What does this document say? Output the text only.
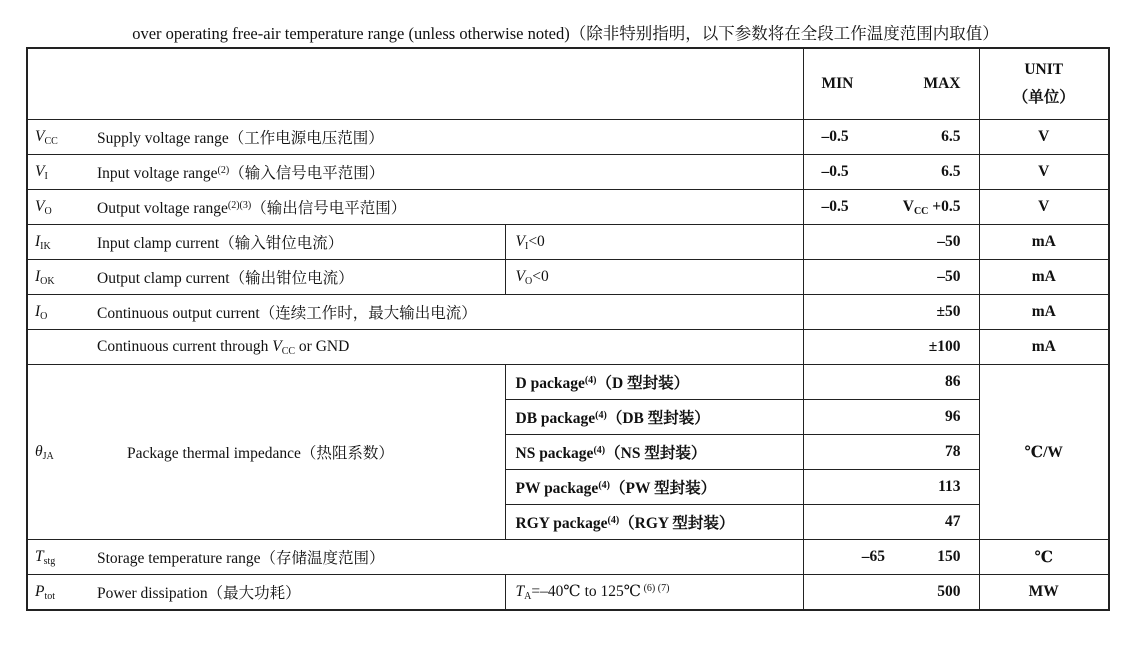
over operating free-air temperature range (unless otherwise noted)（除非特别指明，以下参数将在全段工作温度范围内取值）
			MIN	MAX	UNIT
（单位）

$V_{CC}$	Supply voltage range（工作电源电压范围）		–0.5	6.5	V
$V_I$	Input voltage range$^{(2)}$（输入信号电平范围）		–0.5	6.5	V
$V_O$	Output voltage range$^{(2)(3)}$（输出信号电平范围）		–0.5	$V_{CC} +0.5$	V
$I_{IK}$	Input clamp current（输入钳位电流）	$V_I<0$		–50	mA
$I_{OK}$	Output clamp current（输出钳位电流）	$V_O<0$		–50	mA
$I_O$	Continuous output current（连续工作时，最大输出电流）			±50	mA
	Continuous current through $V_{CC}$ or GND			±100	mA
$\theta_{JA}$	Package thermal impedance（热阻系数）	D package$^{(4)}$（D 型封装）		86	℃/W
		DB package$^{(4)}$（DB 型封装）		96	
		NS package$^{(4)}$（NS 型封装）		78	
		PW package$^{(4)}$（PW 型封装）		113	
		RGY package$^{(4)}$（RGY 型封装）		47	
$T_{stg}$	Storage temperature range（存储温度范围）		–65	150	℃
$P_{tot}$	Power dissipation（最大功耗）	$T_A=-40℃$ to 125℃ $^{(6) (7)}$		500	MW
